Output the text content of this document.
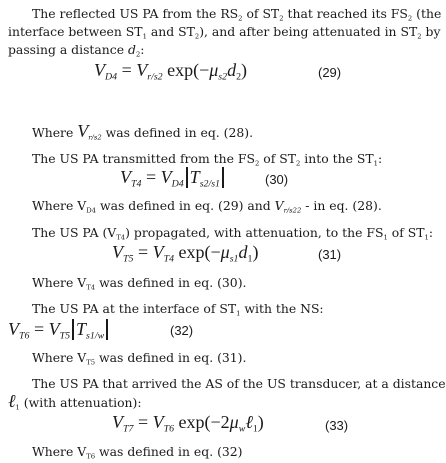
The reflected US PA from the $RS_2$ of $ST_2$ that reached its $FS_2$ (the
interface between $ST_1$ and $ST_2$), and after being attenuated in $ST_2$ by
passing a distance $d_2$:
$V_{D4} = V_{r/s2}$ $\exp(-\mu_{s2}d_2)$	(29)
Where $V_{r/s2}$ was defined in eq. (28).
The US PA transmitted from the $FS_2$ of $ST_2$ into the $ST_1$:
$V_{T4} = V_{D4}$ $T_{s2/s1}$	(30)
Where $V_{D4}$ was defined in eq. (29) and $V_{r/s22}$ - in eq. (28).
The US PA $(V_{T4})$ propagated, with attenuation, to the $FS_1$ of $ST_1$:
$V_{T5} = V_{T4}$ $\exp(-\mu_{s1}d_1)$	(31)
Where $V_{T4}$ was defined in eq. (30).
The US PA at the interface of $ST_1$ with the NS:
$V_{T6} = V_{T5}$ $T_{s1/w}$	(32)
Where $V_{T5}$ was defined in eq. (31).
The US PA that arrived the AS of the US transducer, at a distance
ℓ$_1$ (with attenuation):
$V_{T7} = V_{T6}$ $\exp(-2\mu_w\ell_1)$	(33)
Where $V_{T6}$ was defined in eq. (32)
